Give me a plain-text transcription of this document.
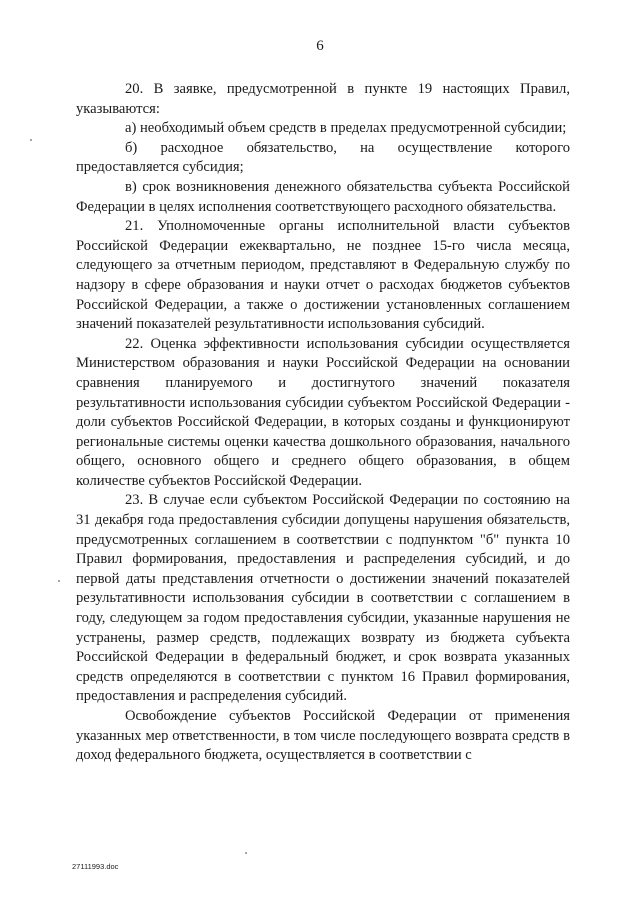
6

20. В заявке, предусмотренной в пункте 19 настоящих Правил, указываются:

а) необходимый объем средств в пределах предусмотренной субсидии;

б) расходное обязательство, на осуществление которого предоставляется субсидия;

в) срок возникновения денежного обязательства субъекта Российской Федерации в целях исполнения соответствующего расходного обязательства.

21. Уполномоченные органы исполнительной власти субъектов Российской Федерации ежеквартально, не позднее 15-го числа месяца, следующего за отчетным периодом, представляют в Федеральную службу по надзору в сфере образования и науки отчет о расходах бюджетов субъектов Российской Федерации, а также о достижении установленных соглашением значений показателей результативности использования субсидий.

22. Оценка эффективности использования субсидии осуществляется Министерством образования и науки Российской Федерации на основании сравнения планируемого и достигнутого значений показателя результативности использования субсидии субъектом Российской Федерации - доли субъектов Российской Федерации, в которых созданы и функционируют региональные системы оценки качества дошкольного образования, начального общего, основного общего и среднего общего образования, в общем количестве субъектов Российской Федерации.

23. В случае если субъектом Российской Федерации по состоянию на 31 декабря года предоставления субсидии допущены нарушения обязательств, предусмотренных соглашением в соответствии с подпунктом "б" пункта 10 Правил формирования, предоставления и распределения субсидий, и до первой даты представления отчетности о достижении значений показателей результативности использования субсидии в соответствии с соглашением в году, следующем за годом предоставления субсидии, указанные нарушения не устранены, размер средств, подлежащих возврату из бюджета субъекта Российской Федерации в федеральный бюджет, и срок возврата указанных средств определяются в соответствии с пунктом 16 Правил формирования, предоставления и распределения субсидий.

Освобождение субъектов Российской Федерации от применения указанных мер ответственности, в том числе последующего возврата средств в доход федерального бюджета, осуществляется в соответствии с

27111993.doc
